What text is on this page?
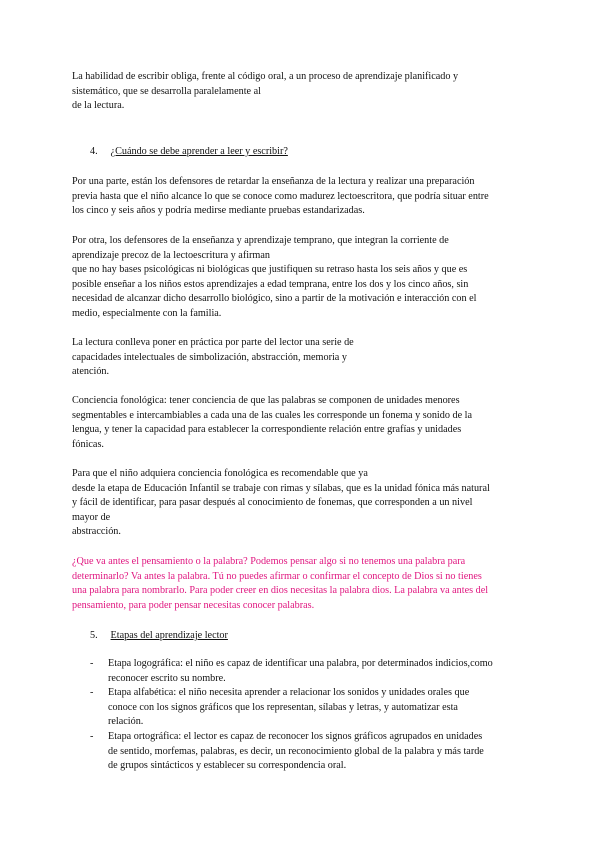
La habilidad de escribir obliga, frente al código oral, a un proceso de aprendizaje planificado y
sistemático, que se desarrolla paralelamente al
de la lectura.
4. ¿Cuándo se debe aprender a leer y escribir?
Por una parte, están los defensores de retardar la enseñanza de la lectura y realizar una preparación
previa hasta que el niño alcance lo que se conoce como madurez lectoescritora, que podría situar entre
los cinco y seis años y podría medirse mediante pruebas estandarizadas.
Por otra, los defensores de la enseñanza y aprendizaje temprano, que integran la corriente de
aprendizaje precoz de la lectoescritura y afirman
que no hay bases psicológicas ni biológicas que justifiquen su retraso hasta los seis años y que es
posible enseñar a los niños estos aprendizajes a edad temprana, entre los dos y los cinco años, sin
necesidad de alcanzar dicho desarrollo biológico, sino a partir de la motivación e interacción con el
medio, especialmente con la familia.
La lectura conlleva poner en práctica por parte del lector una serie de
capacidades intelectuales de simbolización, abstracción, memoria y
atención.
Conciencia fonológica: tener conciencia de que las palabras se componen de unidades menores
segmentables e intercambiables a cada una de las cuales les corresponde un fonema y sonido de la
lengua, y tener la capacidad para establecer la correspondiente relación entre grafías y unidades
fónicas.
Para que el niño adquiera conciencia fonológica es recomendable que ya
desde la etapa de Educación Infantil se trabaje con rimas y sílabas, que es la unidad fónica más natural
y fácil de identificar, para pasar después al conocimiento de fonemas, que corresponden a un nivel
mayor de
abstracción.
¿Que va antes el pensamiento o la palabra? Podemos pensar algo si no tenemos una palabra para
determinarlo? Va antes la palabra. Tú no puedes afirmar o confirmar el concepto de Dios si no tienes
una palabra para nombrarlo. Para poder creer en dios necesitas la palabra dios. La palabra va antes del
pensamiento, para poder pensar necesitas conocer palabras.
5. Etapas del aprendizaje lector
- Etapa logográfica: el niño es capaz de identificar una palabra, por determinados indicios,como
reconocer escrito su nombre.
- Etapa alfabética: el niño necesita aprender a relacionar los sonidos y unidades orales que
conoce con los signos gráficos que los representan, sílabas y letras, y automatizar esta
relación.
- Etapa ortográfica: el lector es capaz de reconocer los signos gráficos agrupados en unidades
de sentido, morfemas, palabras, es decir, un reconocimiento global de la palabra y más tarde
de grupos sintácticos y establecer su correspondencia oral.
